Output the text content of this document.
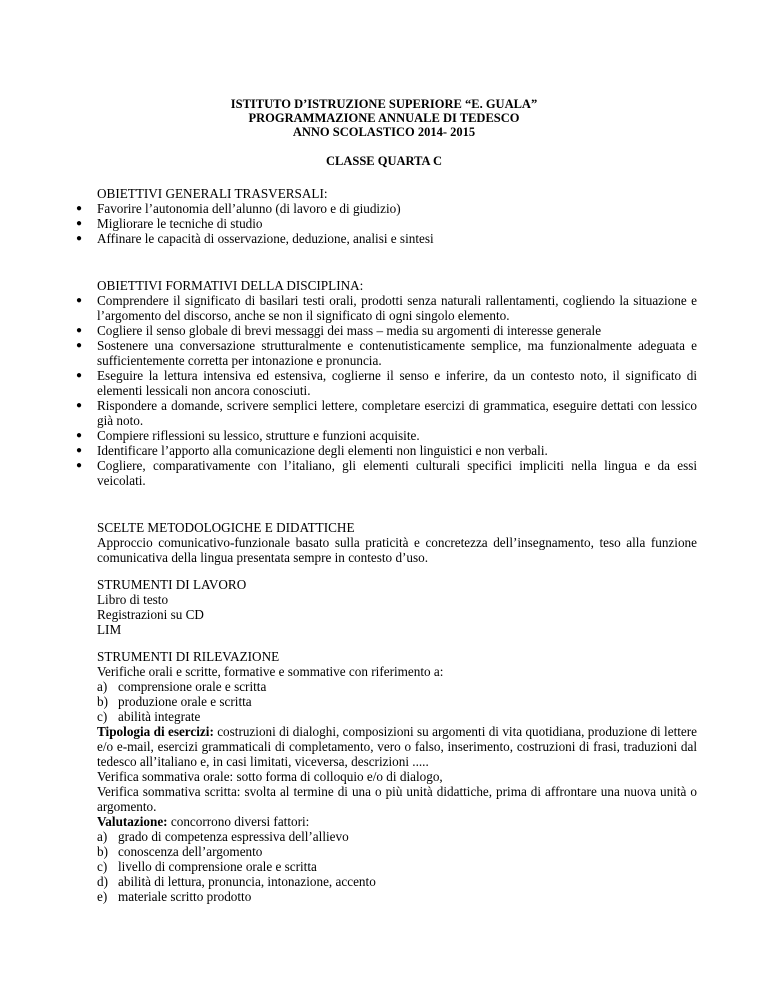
ISTITUTO D’ISTRUZIONE SUPERIORE “E. GUALA”
PROGRAMMAZIONE ANNUALE DI TEDESCO
ANNO SCOLASTICO 2014- 2015
CLASSE QUARTA C
OBIETTIVI GENERALI TRASVERSALI:
● Favorire l’autonomia dell’alunno (di lavoro e di giudizio)
● Migliorare le tecniche di studio
● Affinare le capacità di osservazione, deduzione, analisi e sintesi
OBIETTIVI FORMATIVI DELLA DISCIPLINA:
● Comprendere il significato di basilari testi orali, prodotti senza naturali rallentamenti, cogliendo la situazione e l’argomento del discorso, anche se non il significato di ogni singolo elemento.
● Cogliere il senso globale di brevi messaggi dei mass – media su argomenti di interesse generale
● Sostenere una conversazione strutturalmente e contenutisticamente semplice, ma funzionalmente adeguata e sufficientemente corretta per intonazione e pronuncia.
● Eseguire la lettura intensiva ed estensiva, coglierne il senso e inferire, da un contesto noto, il significato di elementi lessicali non ancora conosciuti.
● Rispondere a domande, scrivere semplici lettere, completare esercizi di grammatica, eseguire dettati con lessico già noto.
● Compiere riflessioni su lessico, strutture e funzioni acquisite.
● Identificare l’apporto alla comunicazione degli elementi non linguistici e non verbali.
● Cogliere, comparativamente con l’italiano, gli elementi culturali specifici impliciti nella lingua e da essi veicolati.
SCELTE METODOLOGICHE E DIDATTICHE
Approccio comunicativo-funzionale basato sulla praticità e concretezza dell’insegnamento, teso alla funzione comunicativa della lingua presentata sempre in contesto d’uso.
STRUMENTI DI LAVORO
Libro di testo
Registrazioni su CD
LIM
STRUMENTI DI RILEVAZIONE
Verifiche orali e scritte, formative e sommative con riferimento a:
a) comprensione orale e scritta
b) produzione orale e scritta
c) abilità integrate
Tipologia di esercizi: costruzioni di dialoghi, composizioni su argomenti di vita quotidiana, produzione di lettere e/o e-mail, esercizi grammaticali di completamento, vero o falso, inserimento, costruzioni di frasi, traduzioni dal tedesco all’italiano e, in casi limitati, viceversa, descrizioni .....
Verifica sommativa orale: sotto forma di colloquio e/o di dialogo,
Verifica sommativa scritta: svolta al termine di una o più unità didattiche, prima di affrontare una nuova unità o argomento.
Valutazione: concorrono diversi fattori:
a) grado di competenza espressiva dell’allievo
b) conoscenza dell’argomento
c) livello di comprensione orale e scritta
d) abilità di lettura, pronuncia, intonazione, accento
e) materiale scritto prodotto
